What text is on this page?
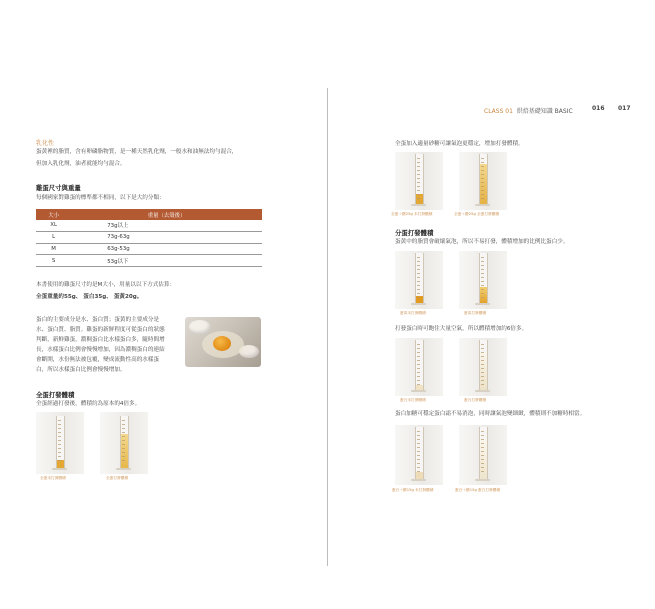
CLASS 01 烘焙基礎知識 BASIC	016 017
乳化性
蛋黃裡的脂質，含有卵磷脂物質，是一種天然乳化劑，一般水和油無法均勻混合，
但加入乳化劑，油者就能均勻混合。
雞蛋尺寸與重量
每個國家對雞蛋的標準都不相同，以下是大約分類：
大小	重量（去殼後）
XL	73g以上
L	73g-63g
M	63g-53g
S	53g以下
本書使用的雞蛋尺寸約是M大小，用量以以下方式估算：
全蛋重量約55g、 蛋白35g、 蛋黃20g。
蛋白的主要成分是水、蛋白質；蛋黃的主要成分是
水、蛋白質、脂質。雞蛋的新鮮程度可從蛋白的狀態
判斷，新鮮雞蛋，濃稠蛋白比水樣蛋白多，隨時間增
長，水樣蛋白比例會慢慢增加，因為濃稠蛋白的連結
會斷開，水份無法被包覆，變成流動性高的水樣蛋
白，所以水樣蛋白比例會慢慢增加。
全蛋打發體積
全蛋經過打發後，體積約為原本的4倍多。
全蛋未打發體積	全蛋打發體積
全蛋加入適量砂糖可讓氣泡更穩定，增加打發體積。
全蛋＋糖25g 未打發體積	全蛋＋糖25g 全蛋打發體積
分蛋打發體積
蛋黃中的脂質會破壞氣泡，所以不易打發，體積增加的比例比蛋白少。
蛋黃未打發體積	蛋黃打發體積
打發蛋白時可飽住大量空氣，所以體積增加約6倍多。
蛋白未打發體積	蛋白打發體積
蛋白加糖可穩定蛋白霜不易消泡，同時讓氣泡變細緻，體積則不加糖時相當。
蛋白＋糖15g 未打發體積	蛋白＋糖15g 蛋白打發體積
